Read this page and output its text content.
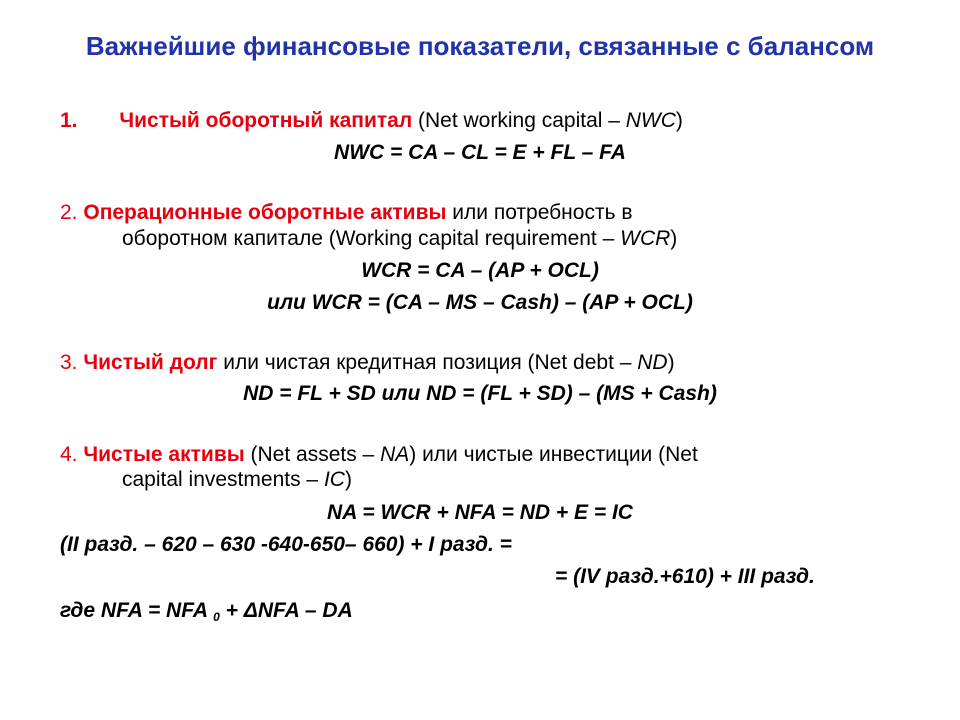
Важнейшие финансовые показатели, связанные с балансом
1. Чистый оборотный капитал (Net working capital – NWC)
NWC = CA – CL = E + FL – FA
2. Операционные оборотные активы или потребность в
оборотном капитале (Working capital requirement – WCR)
WCR = CA – (AP + OCL)
или WCR = (CA – MS – Cash) – (AP + OCL)
3. Чистый долг или чистая кредитная позиция (Net debt – ND)
ND = FL + SD или ND = (FL + SD) – (MS + Cash)
4. Чистые активы (Net assets – NA) или чистые инвестиции (Net
capital investments – IC)
NA = WCR + NFA = ND + E = IC
(II разд. – 620 – 630 -640-650– 660) + I разд. =
= (IV разд.+610) + III разд.
где NFA = NFA $_0$ + ΔNFA – DA
